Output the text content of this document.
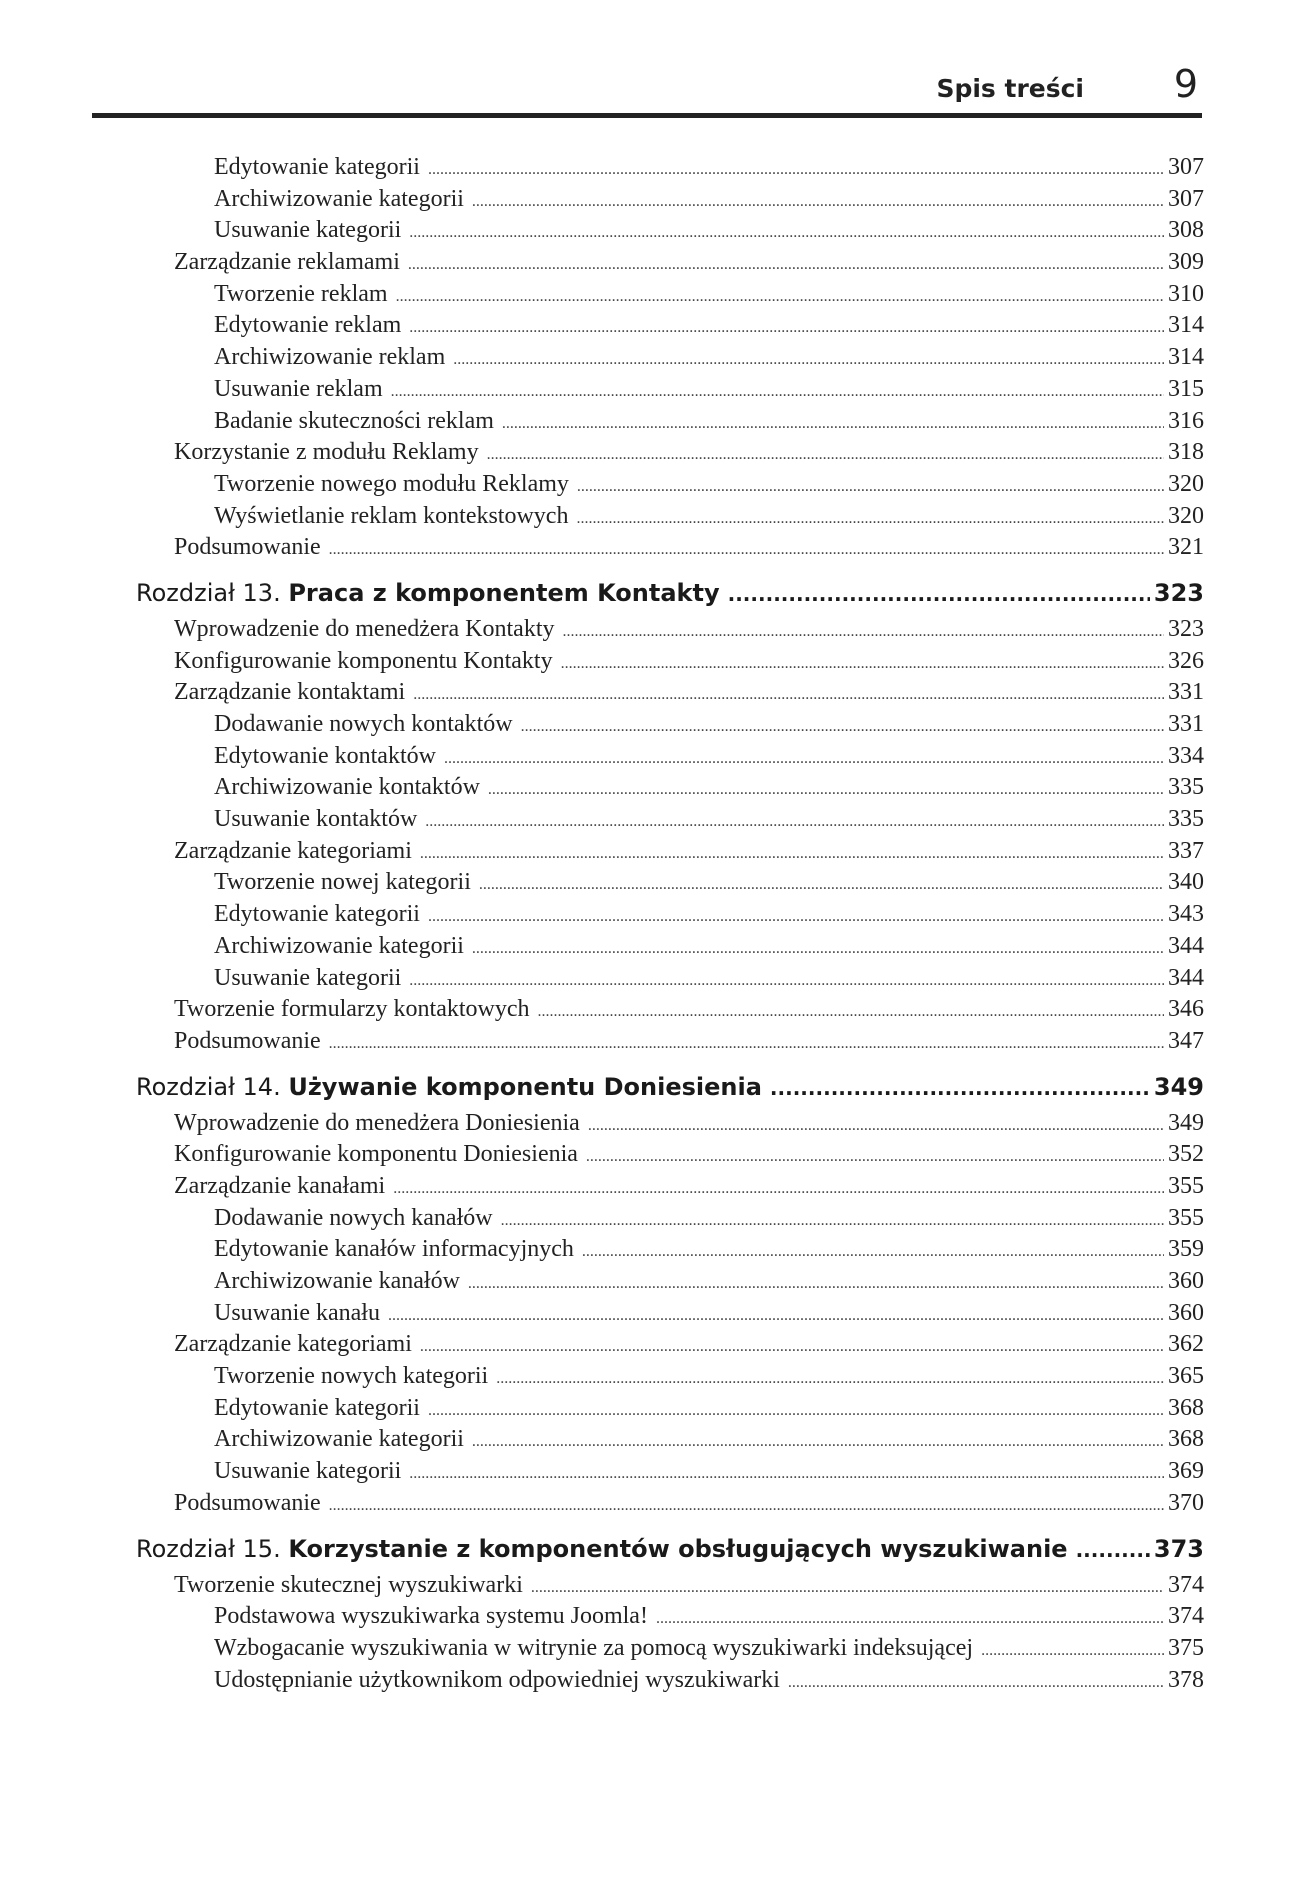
Spis treści 9
Edytowanie kategorii .....	307
Archiwizowanie kategorii .....	307
Usuwanie kategorii .....	308
Zarządzanie reklamami .....	309
Tworzenie reklam .....	310
Edytowanie reklam .....	314
Archiwizowanie reklam .....	314
Usuwanie reklam .....	315
Badanie skuteczności reklam .....	316
Korzystanie z modułu Reklamy .....	318
Tworzenie nowego modułu Reklamy .....	320
Wyświetlanie reklam kontekstowych .....	320
Podsumowanie .....	321
Rozdział 13.
Praca z komponentem Kontakty .....	323
Wprowadzenie do menedżera Kontakty .....	323
Konfigurowanie komponentu Kontakty .....	326
Zarządzanie kontaktami .....	331
Dodawanie nowych kontaktów .....	331
Edytowanie kontaktów .....	334
Archiwizowanie kontaktów .....	335
Usuwanie kontaktów .....	335
Zarządzanie kategoriami .....	337
Tworzenie nowej kategorii .....	340
Edytowanie kategorii .....	343
Archiwizowanie kategorii .....	344
Usuwanie kategorii .....	344
Tworzenie formularzy kontaktowych .....	346
Podsumowanie .....	347
Rozdział 14.
Używanie komponentu Doniesienia .....	349
Wprowadzenie do menedżera Doniesienia .....	349
Konfigurowanie komponentu Doniesienia .....	352
Zarządzanie kanałami .....	355
Dodawanie nowych kanałów .....	355
Edytowanie kanałów informacyjnych .....	359
Archiwizowanie kanałów .....	360
Usuwanie kanału .....	360
Zarządzanie kategoriami .....	362
Tworzenie nowych kategorii .....	365
Edytowanie kategorii .....	368
Archiwizowanie kategorii .....	368
Usuwanie kategorii .....	369
Podsumowanie .....	370
Rozdział 15.
Korzystanie z komponentów obsługujących wyszukiwanie .....	373
Tworzenie skutecznej wyszukiwarki .....	374
Podstawowa wyszukiwarka systemu Joomla! .....	374
Wzbogacanie wyszukiwania w witrynie za pomocą wyszukiwarki indeksującej .....	375
Udostępnianie użytkownikom odpowiedniej wyszukiwarki .....	378
